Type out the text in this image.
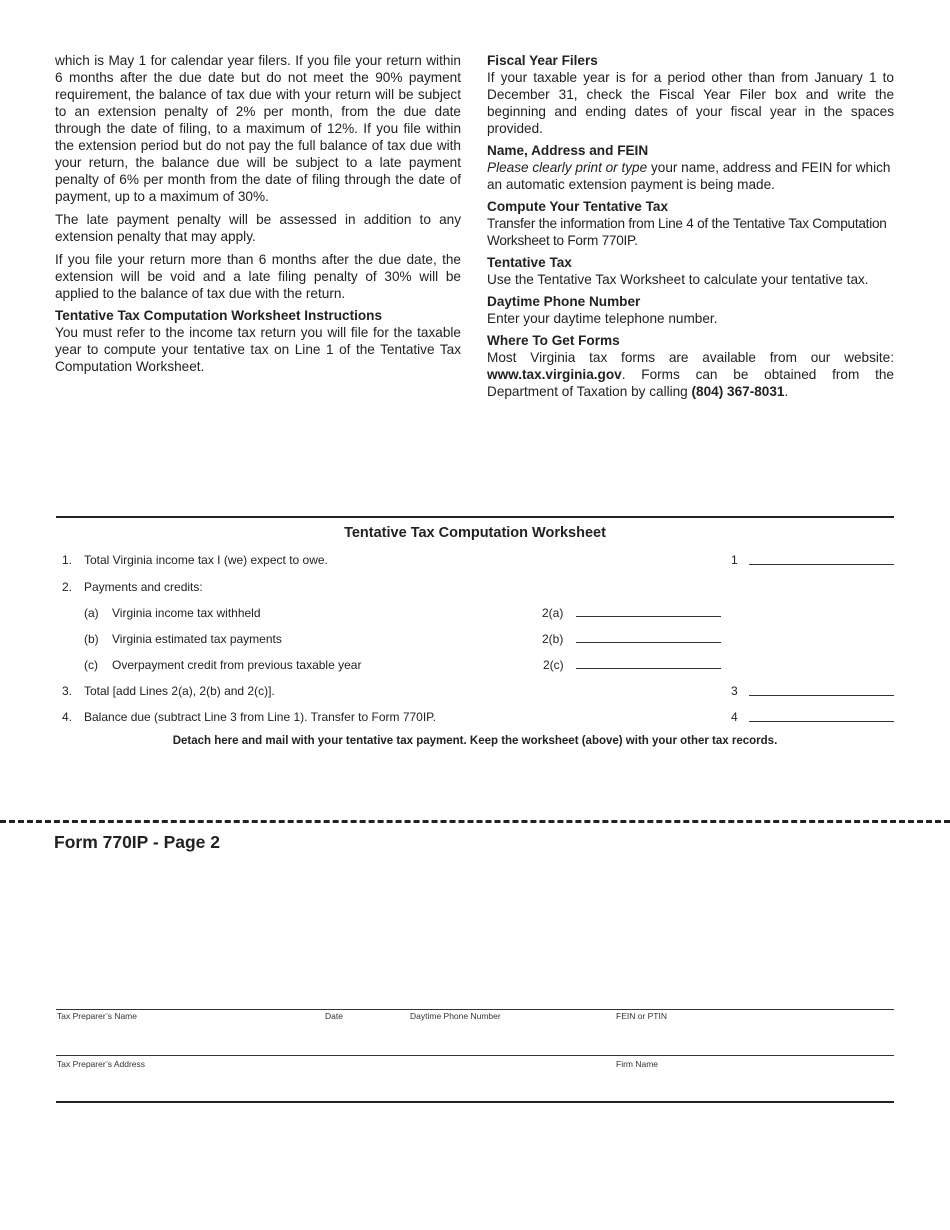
which is May 1 for calendar year filers. If you file your return within 6 months after the due date but do not meet the 90% payment requirement, the balance of tax due with your return will be subject to an extension penalty of 2% per month, from the due date through the date of filing, to a maximum of 12%. If you file within the extension period but do not pay the full balance of tax due with your return, the balance due will be subject to a late payment penalty of 6% per month from the date of filing through the date of payment, up to a maximum of 30%.

The late payment penalty will be assessed in addition to any extension penalty that may apply.

If you file your return more than 6 months after the due date, the extension will be void and a late filing penalty of 30% will be applied to the balance of tax due with the return.

Tentative Tax Computation Worksheet Instructions

You must refer to the income tax return you will file for the taxable year to compute your tentative tax on Line 1 of the Tentative Tax Computation Worksheet.

Fiscal Year Filers
If your taxable year is for a period other than from January 1 to December 31, check the Fiscal Year Filer box and write the beginning and ending dates of your fiscal year in the spaces provided.
Name, Address and FEIN
Please clearly print or type your name, address and FEIN for which an automatic extension payment is being made.
Compute Your Tentative Tax
Transfer the information from Line 4 of the Tentative Tax Computation Worksheet to Form 770IP.
Tentative Tax
Use the Tentative Tax Worksheet to calculate your tentative tax.
Daytime Phone Number
Enter your daytime telephone number.
Where To Get Forms
Most Virginia tax forms are available from our website: www.tax.virginia.gov. Forms can be obtained from the Department of Taxation by calling (804) 367-8031.
Tentative Tax Computation Worksheet
1. Total Virginia income tax I (we) expect to owe.	1
2. Payments and credits:
(a) Virginia income tax withheld	2(a)
(b) Virginia estimated tax payments	2(b)
(c) Overpayment credit from previous taxable year	2(c)
3. Total [add Lines 2(a), 2(b) and 2(c)].	3
4. Balance due (subtract Line 3 from Line 1). Transfer to Form 770IP.	4
Detach here and mail with your tentative tax payment. Keep the worksheet (above) with your other tax records.
Form 770IP - Page 2
Tax Preparer’s Name	Date	Daytime Phone Number	FEIN or PTIN
Tax Preparer’s Address	Firm Name
